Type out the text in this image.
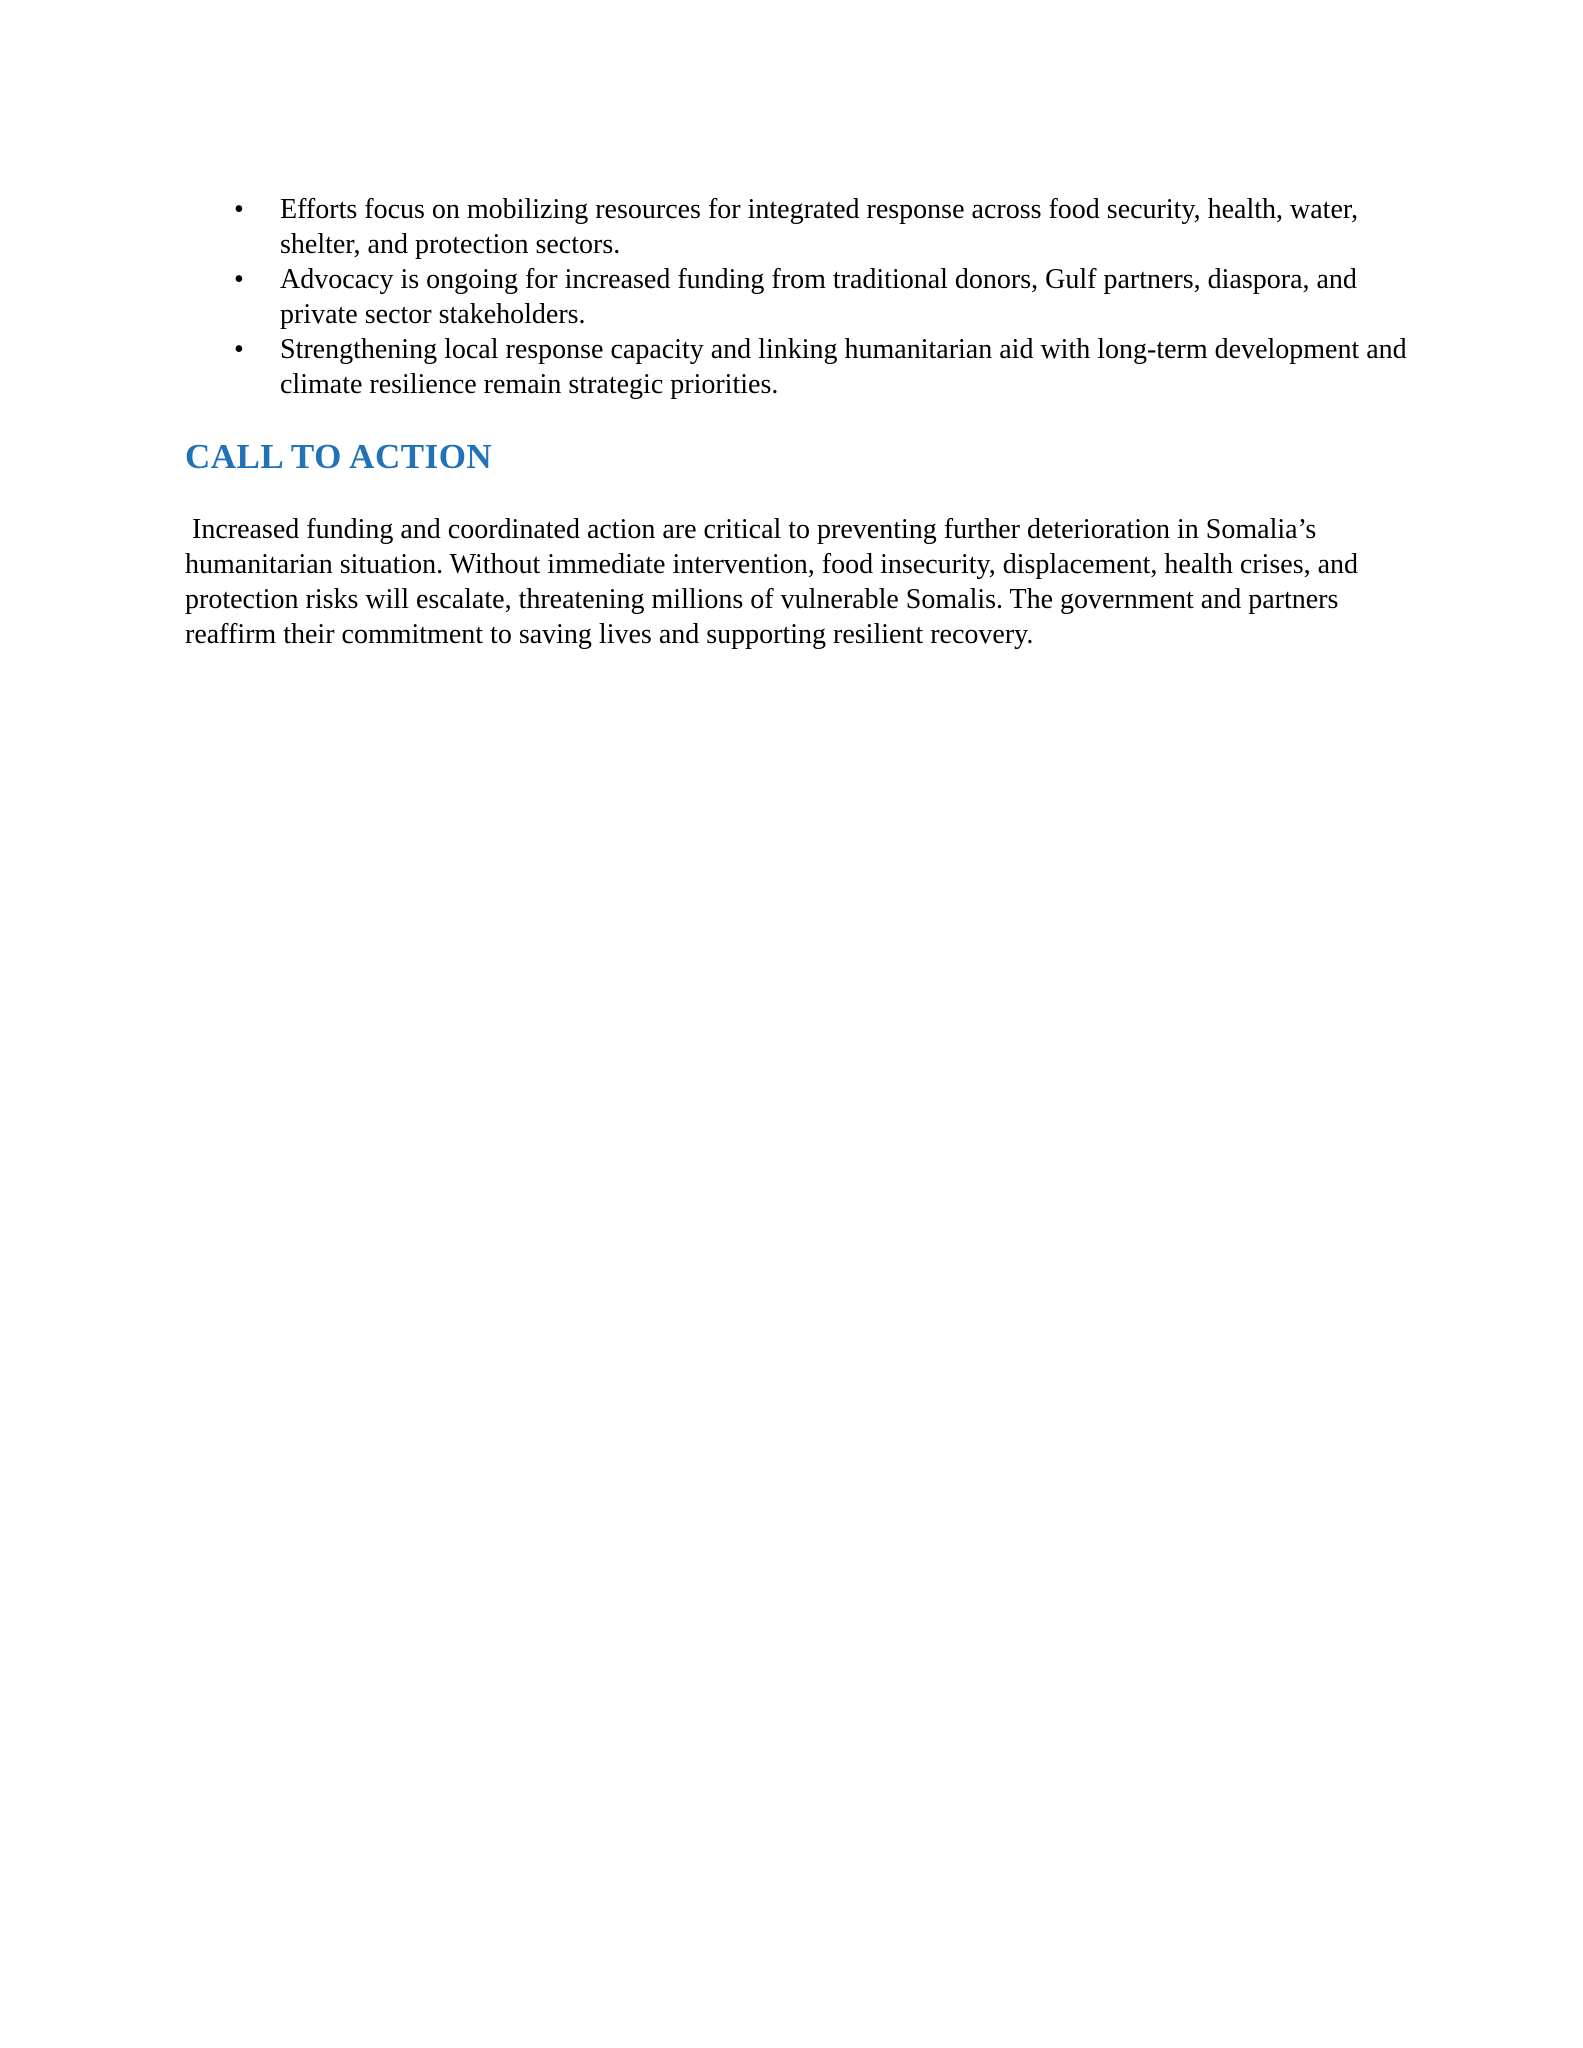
• Efforts focus on mobilizing resources for integrated response across food security, health, water, shelter, and protection sectors.
• Advocacy is ongoing for increased funding from traditional donors, Gulf partners, diaspora, and private sector stakeholders.
• Strengthening local response capacity and linking humanitarian aid with long-term development and climate resilience remain strategic priorities.
CALL TO ACTION

Increased funding and coordinated action are critical to preventing further deterioration in Somalia’s humanitarian situation. Without immediate intervention, food insecurity, displacement, health crises, and protection risks will escalate, threatening millions of vulnerable Somalis. The government and partners reaffirm their commitment to saving lives and supporting resilient recovery.
